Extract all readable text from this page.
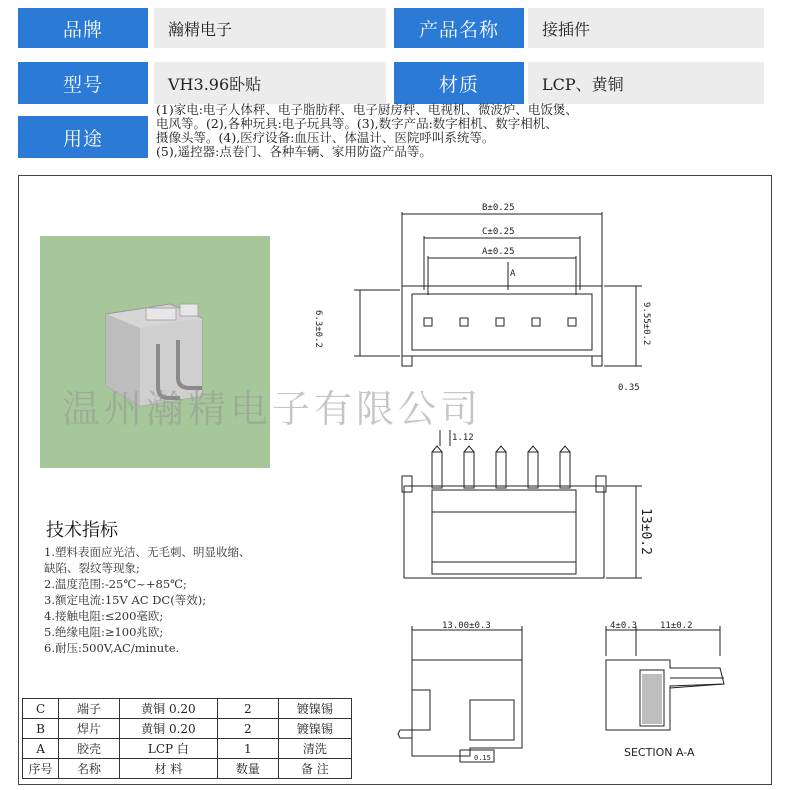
品牌	瀚精电子	产品名称	接插件
型号	VH3.96卧贴	材质	LCP、黄铜
用途

(1)家电:电子人体秤、电子脂肪秤、电子厨房秤、电视机、微波炉、电饭煲、

电风等。(2),各种玩具:电子玩具等。(3),数字产品:数字相机、数字相机、

摄像头等。(4),医疗设备:血压计、体温计、医院呼叫系统等。

(5),遥控器:点卷门、各种车辆、家用防盗产品等。

温州瀚精电子有限公司
技术指标
1.塑料表面应光洁、无毛刺、明显收缩、
缺陷、裂纹等现象;
2.温度范围:-25℃~+85℃;
3.额定电流:15V AC DC(等效);
4.接触电阻:≤200毫欧;
5.绝缘电阻:≥100兆欧;
6.耐压:500V,AC/minute.
C	端子	黄铜 0.20	2	镀镍锡
B	焊片	黄铜 0.20	2	镀镍锡
A	胶壳	LCP 白	1	清洗
序号	名称	材 料	数量	备 注
B±0.25
C±0.25
A±0.25
A
6.3±0.2	9.55±0.2
0.35
1.12
13±0.2
13.00±0.3	4±0.3	11±0.2
0.15	SECTION A-A
